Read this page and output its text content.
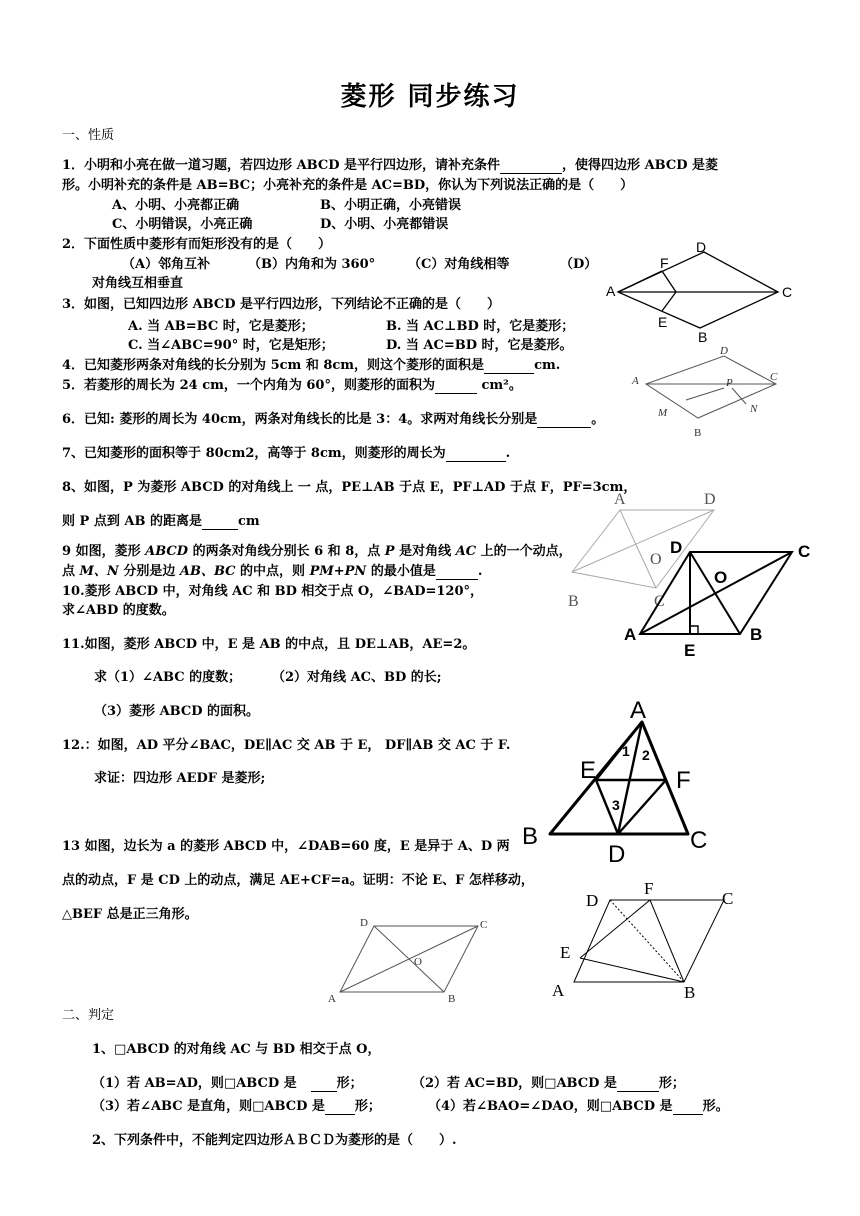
菱形 同步练习
一、性质
1．小明和小亮在做一道习题，若四边形 ABCD 是平行四边形，请补充条件	，使得四边形 ABCD 是菱
形。小明补充的条件是 AB=BC；小亮补充的条件是 AC=BD，你认为下列说法正确的是（　　）
A、小明、小亮都正确	B、小明正确，小亮错误
C、小明错误，小亮正确	D、小明、小亮都错误
2．下面性质中菱形有而矩形没有的是（　　）
（A）邻角互补	（B）内角和为 360°	（C）对角线相等	（D）
对角线互相垂直
3．如图，已知四边形 ABCD 是平行四边形，下列结论不正确的是（　　）
A. 当 AB=BC 时，它是菱形；	B. 当 AC⊥BD 时，它是菱形；
C. 当∠ABC=90° 时，它是矩形；	D. 当 AC=BD 时，它是菱形。
4．已知菱形两条对角线的长分别为 5cm 和 8cm，则这个菱形的面积是	cm.
5．若菱形的周长为 24 cm，一个内角为 60°，则菱形的面积为	cm²。
6．已知: 菱形的周长为 40cm，两条对角线长的比是 3：4。求两对角线长分别是	。
7、已知菱形的面积等于 80cm2，高等于 8cm，则菱形的周长为	.
8、如图，P 为菱形 ABCD 的对角线上 一 点，PE⊥AB 于点 E，PF⊥AD 于点 F，PF=3cm，
则 P 点到 AB 的距离是	cm
9 如图，菱形 ABCD 的两条对角线分别长 6 和 8，点 P 是对角线 AC 上的一个动点，
点 M、N 分别是边 AB、BC 的中点，则 PM+PN 的最小值是	.
10.菱形 ABCD 中，对角线 AC 和 BD 相交于点 O，∠BAD=120°，
求∠ABD 的度数。
11.如图，菱形 ABCD 中，E 是 AB 的中点，且 DE⊥AB，AE=2。
求（1）∠ABC 的度数； （2）对角线 AC、BD 的长;
（3）菱形 ABCD 的面积。
12.：如图，AD 平分∠BAC，DE∥AC 交 AB 于 E， DF∥AB 交 AC 于 F.
求证：四边形 AEDF 是菱形;
13 如图，边长为 a 的菱形 ABCD 中，∠DAB=60 度，E 是异于 A、D 两
点的动点，F 是 CD 上的动点，满足 AE+CF=a。证明：不论 E、F 怎样移动，
△BEF 总是正三角形。
二、判定
1、□ABCD 的对角线 AC 与 BD 相交于点 O，
（1）若 AB=AD，则□ABCD 是	形；	（2）若 AC=BD，则□ABCD 是	形；
（3）若∠ABC 是直角，则□ABCD 是 形；	（4）若∠BAO=∠DAO，则□ABCD 是 形。
2、下列条件中，不能判定四边形ＡＢＣＤ为菱形的是（　　）.
D
F
A	C
E
B
D
A	P	C
M	N
B
A	D
O
B	C
D	C
O
A	B
E
A
1 2
E	F
3
B
D
C
D	C
O
A	B
D
F
C
E
A	B
